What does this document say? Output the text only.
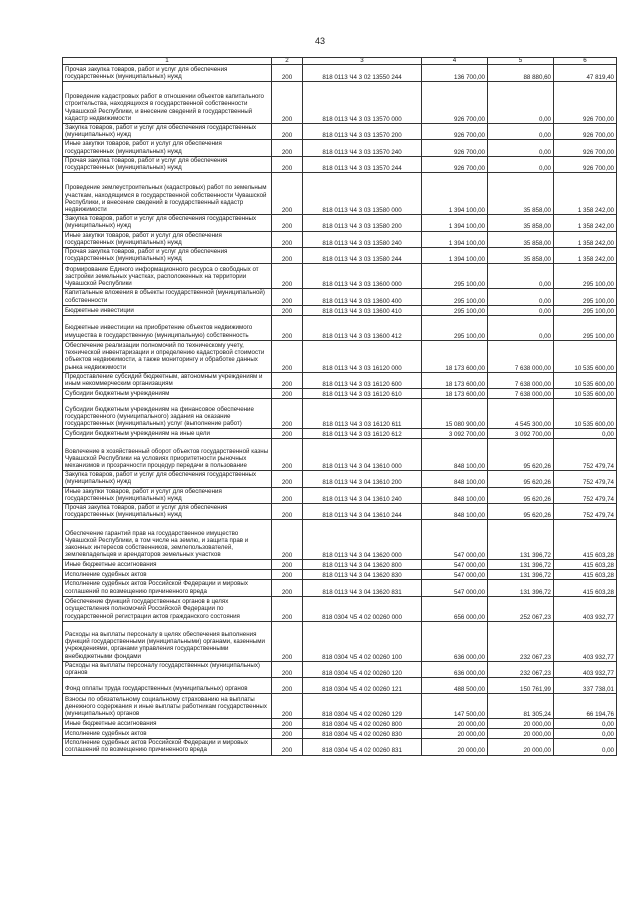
43
1	2	3	4	5	6
Прочая закупка товаров, работ и услуг для обеспечения государственных (муниципальных) нужд	200	818 0113 Ч4 3 02 13550 244	136 700,00	88 880,60	47 819,40
Проведение кадастровых работ в отношении объектов капитального строительства, находящихся в государственной собственности Чувашской Республики, и внесение сведений в государственный кадастр недвижимости	200	818 0113 Ч4 3 03 13570 000	926 700,00	0,00	926 700,00
Закупка товаров, работ и услуг для обеспечения государственных (муниципальных) нужд	200	818 0113 Ч4 3 03 13570 200	926 700,00	0,00	926 700,00
Иные закупки товаров, работ и услуг для обеспечения государственных (муниципальных) нужд	200	818 0113 Ч4 3 03 13570 240	926 700,00	0,00	926 700,00
Прочая закупка товаров, работ и услуг для обеспечения государственных (муниципальных) нужд	200	818 0113 Ч4 3 03 13570 244	926 700,00	0,00	926 700,00
Проведение землеустроительных (кадастровых) работ по земельным участкам, находящимся в государственной собственности Чувашской Республики, и внесение сведений в государственный кадастр недвижимости	200	818 0113 Ч4 3 03 13580 000	1 394 100,00	35 858,00	1 358 242,00
Закупка товаров, работ и услуг для обеспечения государственных (муниципальных) нужд	200	818 0113 Ч4 3 03 13580 200	1 394 100,00	35 858,00	1 358 242,00
Иные закупки товаров, работ и услуг для обеспечения государственных (муниципальных) нужд	200	818 0113 Ч4 3 03 13580 240	1 394 100,00	35 858,00	1 358 242,00
Прочая закупка товаров, работ и услуг для обеспечения государственных (муниципальных) нужд	200	818 0113 Ч4 3 03 13580 244	1 394 100,00	35 858,00	1 358 242,00
Формирование Единого информационного ресурса о свободных от застройки земельных участках, расположенных на территории Чувашской Республики	200	818 0113 Ч4 3 03 13600 000	295 100,00	0,00	295 100,00
Капитальные вложения в объекты государственной (муниципальной) собственности	200	818 0113 Ч4 3 03 13600 400	295 100,00	0,00	295 100,00
Бюджетные инвестиции	200	818 0113 Ч4 3 03 13600 410	295 100,00	0,00	295 100,00
Бюджетные инвестиции на приобретение объектов недвижимого имущества в государственную (муниципальную) собственность	200	818 0113 Ч4 3 03 13600 412	295 100,00	0,00	295 100,00
Обеспечение реализации полномочий по техническому учету, технической инвентаризации и определению кадастровой стоимости объектов недвижимости, а также мониторингу и обработке данных рынка недвижимости	200	818 0113 Ч4 3 03 16120 000	18 173 600,00	7 638 000,00	10 535 600,00
Предоставление субсидий бюджетным, автономным учреждениям и иным некоммерческим организациям	200	818 0113 Ч4 3 03 16120 600	18 173 600,00	7 638 000,00	10 535 600,00
Субсидии бюджетным учреждениям	200	818 0113 Ч4 3 03 16120 610	18 173 600,00	7 638 000,00	10 535 600,00
Субсидии бюджетным учреждениям на финансовое обеспечение государственного (муниципального) задания на оказание государственных (муниципальных) услуг (выполнение работ)	200	818 0113 Ч4 3 03 16120 611	15 080 900,00	4 545 300,00	10 535 600,00
Субсидии бюджетным учреждениям на иные цели	200	818 0113 Ч4 3 03 16120 612	3 092 700,00	3 092 700,00	0,00
Вовлечение в хозяйственный оборот объектов государственной казны Чувашской Республики на условиях приоритетности рыночных механизмов и прозрачности процедур передачи в пользование	200	818 0113 Ч4 3 04 13610 000	848 100,00	95 620,26	752 479,74
Закупка товаров, работ и услуг для обеспечения государственных (муниципальных) нужд	200	818 0113 Ч4 3 04 13610 200	848 100,00	95 620,26	752 479,74
Иные закупки товаров, работ и услуг для обеспечения государственных (муниципальных) нужд	200	818 0113 Ч4 3 04 13610 240	848 100,00	95 620,26	752 479,74
Прочая закупка товаров, работ и услуг для обеспечения государственных (муниципальных) нужд	200	818 0113 Ч4 3 04 13610 244	848 100,00	95 620,26	752 479,74
Обеспечение гарантий прав на государственное имущество Чувашской Республики, в том числе на землю, и защита прав и законных интересов собственников, землепользователей, землевладельцев и арендаторов земельных участков	200	818 0113 Ч4 3 04 13620 000	547 000,00	131 396,72	415 603,28
Иные бюджетные ассигнования	200	818 0113 Ч4 3 04 13620 800	547 000,00	131 396,72	415 603,28
Исполнение судебных актов	200	818 0113 Ч4 3 04 13620 830	547 000,00	131 396,72	415 603,28
Исполнение судебных актов Российской Федерации и мировых соглашений по возмещению причиненного вреда	200	818 0113 Ч4 3 04 13620 831	547 000,00	131 396,72	415 603,28
Обеспечение функций государственных органов в целях осуществления полномочий Российской Федерации по государственной регистрации актов гражданского состояния	200	818 0304 Ч5 4 02 00260 000	656 000,00	252 067,23	403 932,77
Расходы на выплаты персоналу в целях обеспечения выполнения функций государственными (муниципальными) органами, казенными учреждениями, органами управления государственными внебюджетными фондами	200	818 0304 Ч5 4 02 00260 100	636 000,00	232 067,23	403 932,77
Расходы на выплаты персоналу государственных (муниципальных) органов	200	818 0304 Ч5 4 02 00260 120	636 000,00	232 067,23	403 932,77
Фонд оплаты труда государственных (муниципальных) органов	200	818 0304 Ч5 4 02 00260 121	488 500,00	150 761,99	337 738,01
Взносы по обязательному социальному страхованию на выплаты денежного содержания и иные выплаты работникам государственных (муниципальных) органов	200	818 0304 Ч5 4 02 00260 129	147 500,00	81 305,24	66 194,76
Иные бюджетные ассигнования	200	818 0304 Ч5 4 02 00260 800	20 000,00	20 000,00	0,00
Исполнение судебных актов	200	818 0304 Ч5 4 02 00260 830	20 000,00	20 000,00	0,00
Исполнение судебных актов Российской Федерации и мировых соглашений по возмещению причиненного вреда	200	818 0304 Ч5 4 02 00260 831	20 000,00	20 000,00	0,00
